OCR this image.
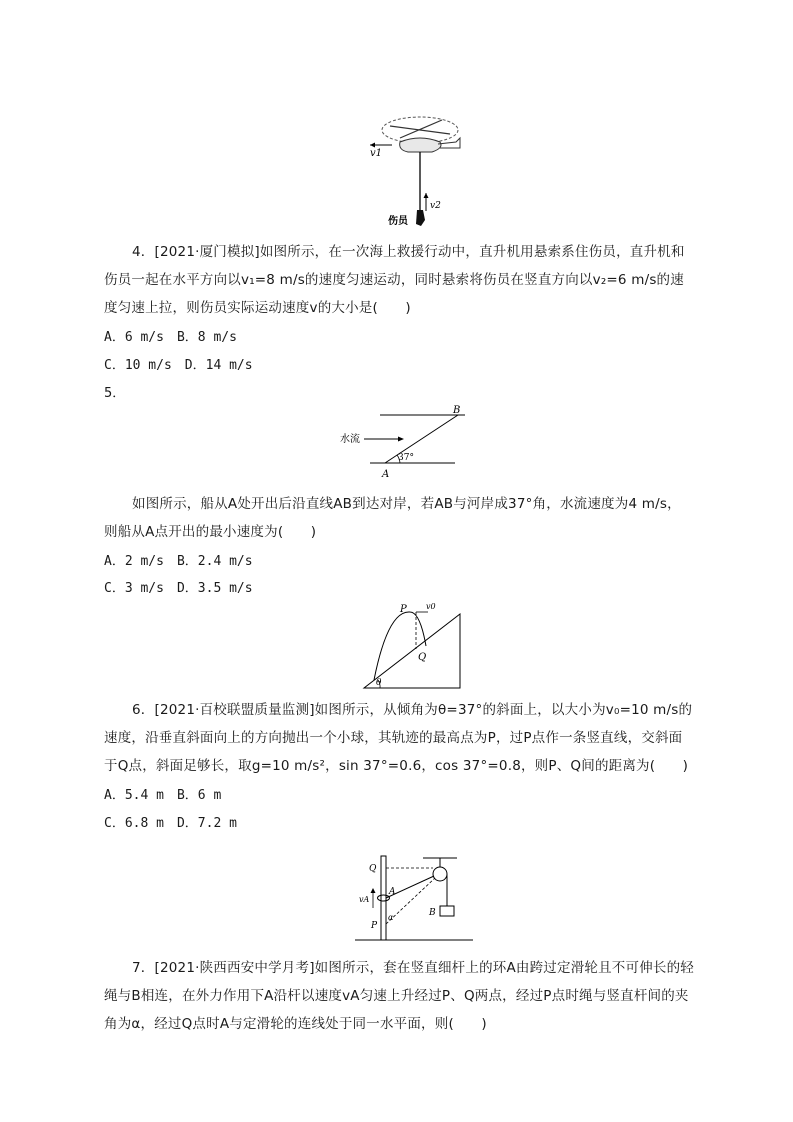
v1
v2
伤员
4．[2021·厦门模拟]如图所示，在一次海上救援行动中，直升机用悬索系住伤员，直升机和伤员一起在水平方向以v₁=8 m/s的速度匀速运动，同时悬索将伤员在竖直方向以v₂=6 m/s的速度匀速上拉，则伤员实际运动速度v的大小是(　　)
A．6 m/s　B．8 m/s
C．10 m/s　D．14 m/s
5．
B
A
水流
37°
如图所示，船从A处开出后沿直线AB到达对岸，若AB与河岸成37°角，水流速度为4 m/s，则船从A点开出的最小速度为(　　)
A．2 m/s　B．2.4 m/s
C．3 m/s　D．3.5 m/s
P v0
Q
θ
6．[2021·百校联盟质量监测]如图所示，从倾角为θ=37°的斜面上，以大小为v₀=10 m/s的速度，沿垂直斜面向上的方向抛出一个小球，其轨迹的最高点为P，过P点作一条竖直线，交斜面于Q点，斜面足够长，取g=10 m/s²，sin 37°=0.6，cos 37°=0.8，则P、Q间的距离为(　　)
A．5.4 m　B．6 m
C．6.8 m　D．7.2 m
Q
A
vA
P
α	B
7．[2021·陕西西安中学月考]如图所示，套在竖直细杆上的环A由跨过定滑轮且不可伸长的轻绳与B相连，在外力作用下A沿杆以速度vA匀速上升经过P、Q两点，经过P点时绳与竖直杆间的夹角为α，经过Q点时A与定滑轮的连线处于同一水平面，则(　　)
